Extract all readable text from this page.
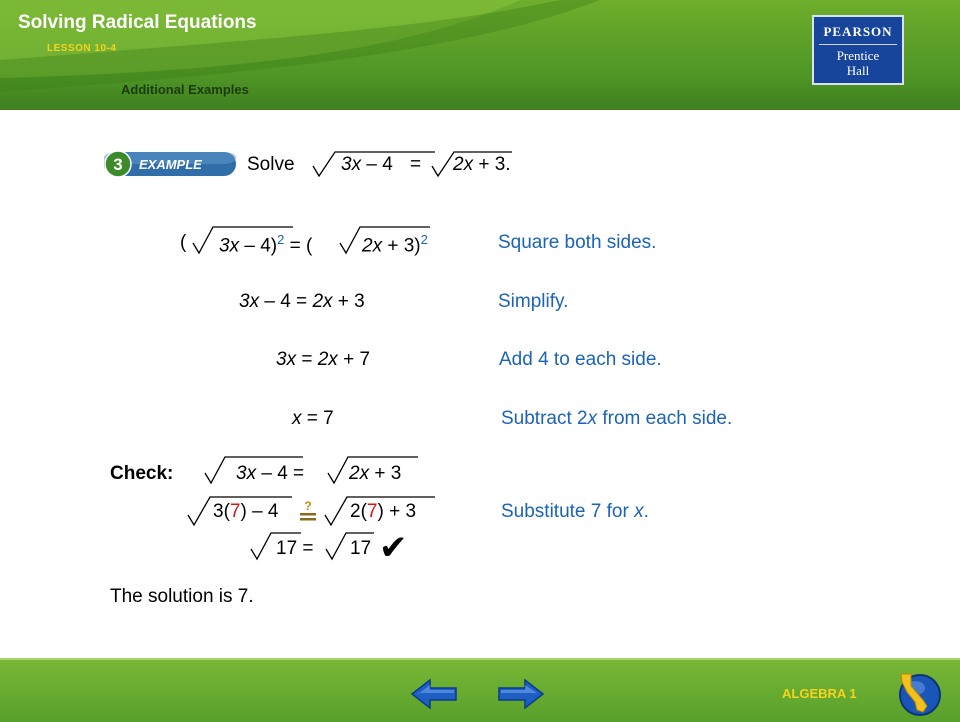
Solving Radical Equations
LESSON 10-4
Additional Examples
PEARSON
Prentice
Hall
3 EXAMPLE Solve 3x – 4 = 2x + 3.
( 3x – 4)$^2$ = (	2x + 3)$^2$	Square both sides.
3x – 4 = 2x + 3	Simplify.
3x = 2x + 7	Add 4 to each side.
x = 7	Subtract 2x from each side.
Check:	3x – 4 = 2x + 3
3(7) – 4 ? 2(7) + 3	Substitute 7 for x.
17 = 17 ✔
The solution is 7.
ALGEBRA 1
